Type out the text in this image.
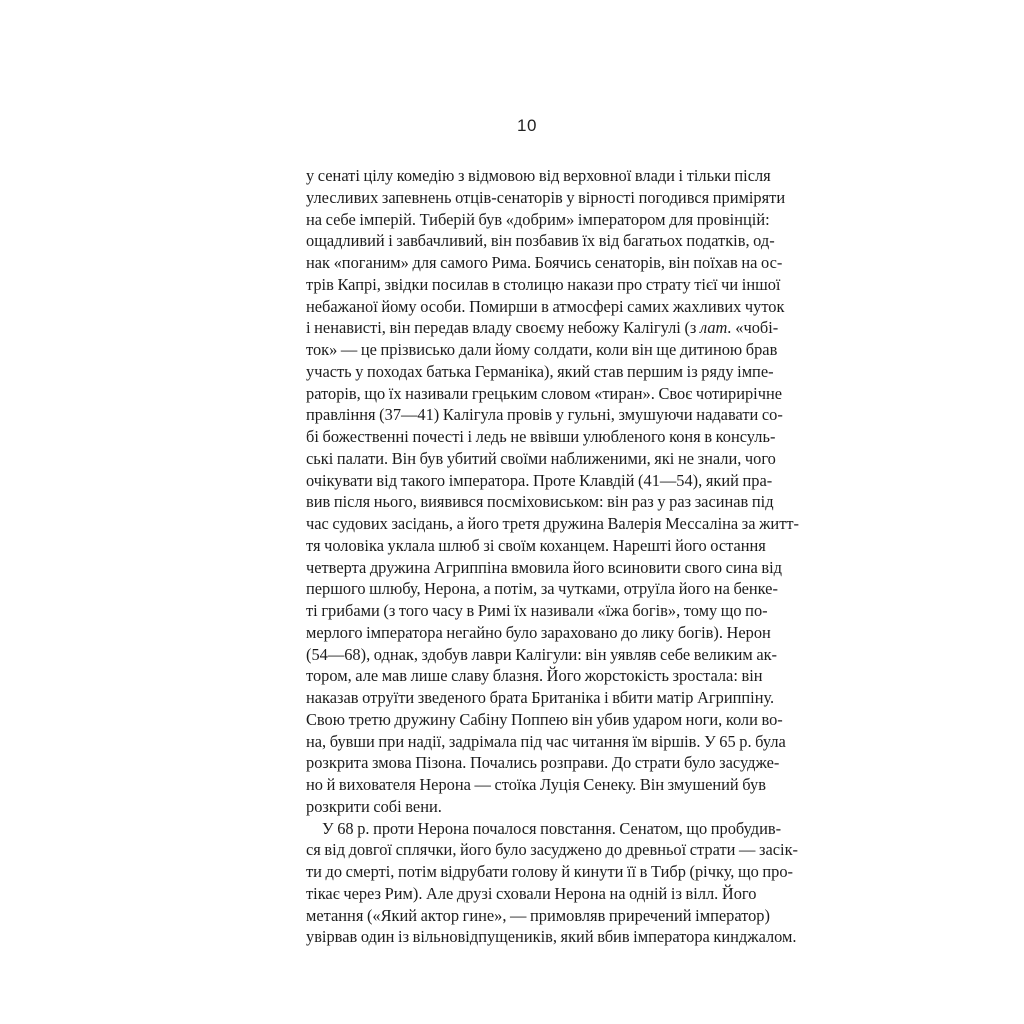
10
у сенаті цілу комедію з відмовою від верховної влади і тільки після
улесливих запевнень отців-сенаторів у вірності погодився приміряти
на себе імперій. Тиберій був «добрим» імператором для провінцій:
ощадливий і завбачливий, він позбавив їх від багатьох податків, од-
нак «поганим» для самого Рима. Боячись сенаторів, він поїхав на ос-
трів Капрі, звідки посилав в столицю накази про страту тієї чи іншої
небажаної йому особи. Помирши в атмосфері самих жахливих чуток
і ненависті, він передав владу своєму небожу Калігулі (з лат. «чобі-
ток» — це прізвисько дали йому солдати, коли він ще дитиною брав
участь у походах батька Германіка), який став першим із ряду імпе-
раторів, що їх називали грецьким словом «тиран». Своє чотирирічне
правління (37—41) Калігула провів у гульні, змушуючи надавати со-
бі божественні почесті і ледь не ввівши улюбленого коня в консуль-
ські палати. Він був убитий своїми наближеними, які не знали, чого
очікувати від такого імператора. Проте Клавдій (41—54), який пра-
вив після нього, виявився посміховиськом: він раз у раз засинав під
час судових засідань, а його третя дружина Валерія Мессаліна за житт-
тя чоловіка уклала шлюб зі своїм коханцем. Нарешті його остання
четверта дружина Агриппіна вмовила його всиновити свого сина від
першого шлюбу, Нерона, а потім, за чутками, отруїла його на бенке-
ті грибами (з того часу в Римі їх називали «їжа богів», тому що по-
мерлого імператора негайно було зараховано до лику богів). Нерон
(54—68), однак, здобув лаври Калігули: він уявляв себе великим ак-
тором, але мав лише славу блазня. Його жорстокість зростала: він
наказав отруїти зведеного брата Британіка і вбити матір Агриппіну.
Свою третю дружину Сабіну Поппею він убив ударом ноги, коли во-
на, бувши при надії, задрімала під час читання їм віршів. У 65 р. була
розкрита змова Пізона. Почались розправи. До страти було засудже-
но й вихователя Нерона — стоїка Луція Сенеку. Він змушений був
розкрити собі вени.
У 68 р. проти Нерона почалося повстання. Сенатом, що пробудив-
ся від довгої сплячки, його було засуджено до древньої страти — засік-
ти до смерті, потім відрубати голову й кинути її в Тибр (річку, що про-
тікає через Рим). Але друзі сховали Нерона на одній із вілл. Його
метання («Який актор гине», — примовляв приречений імператор)
увірвав один із вільновідпущеників, який вбив імператора кинджалом.
